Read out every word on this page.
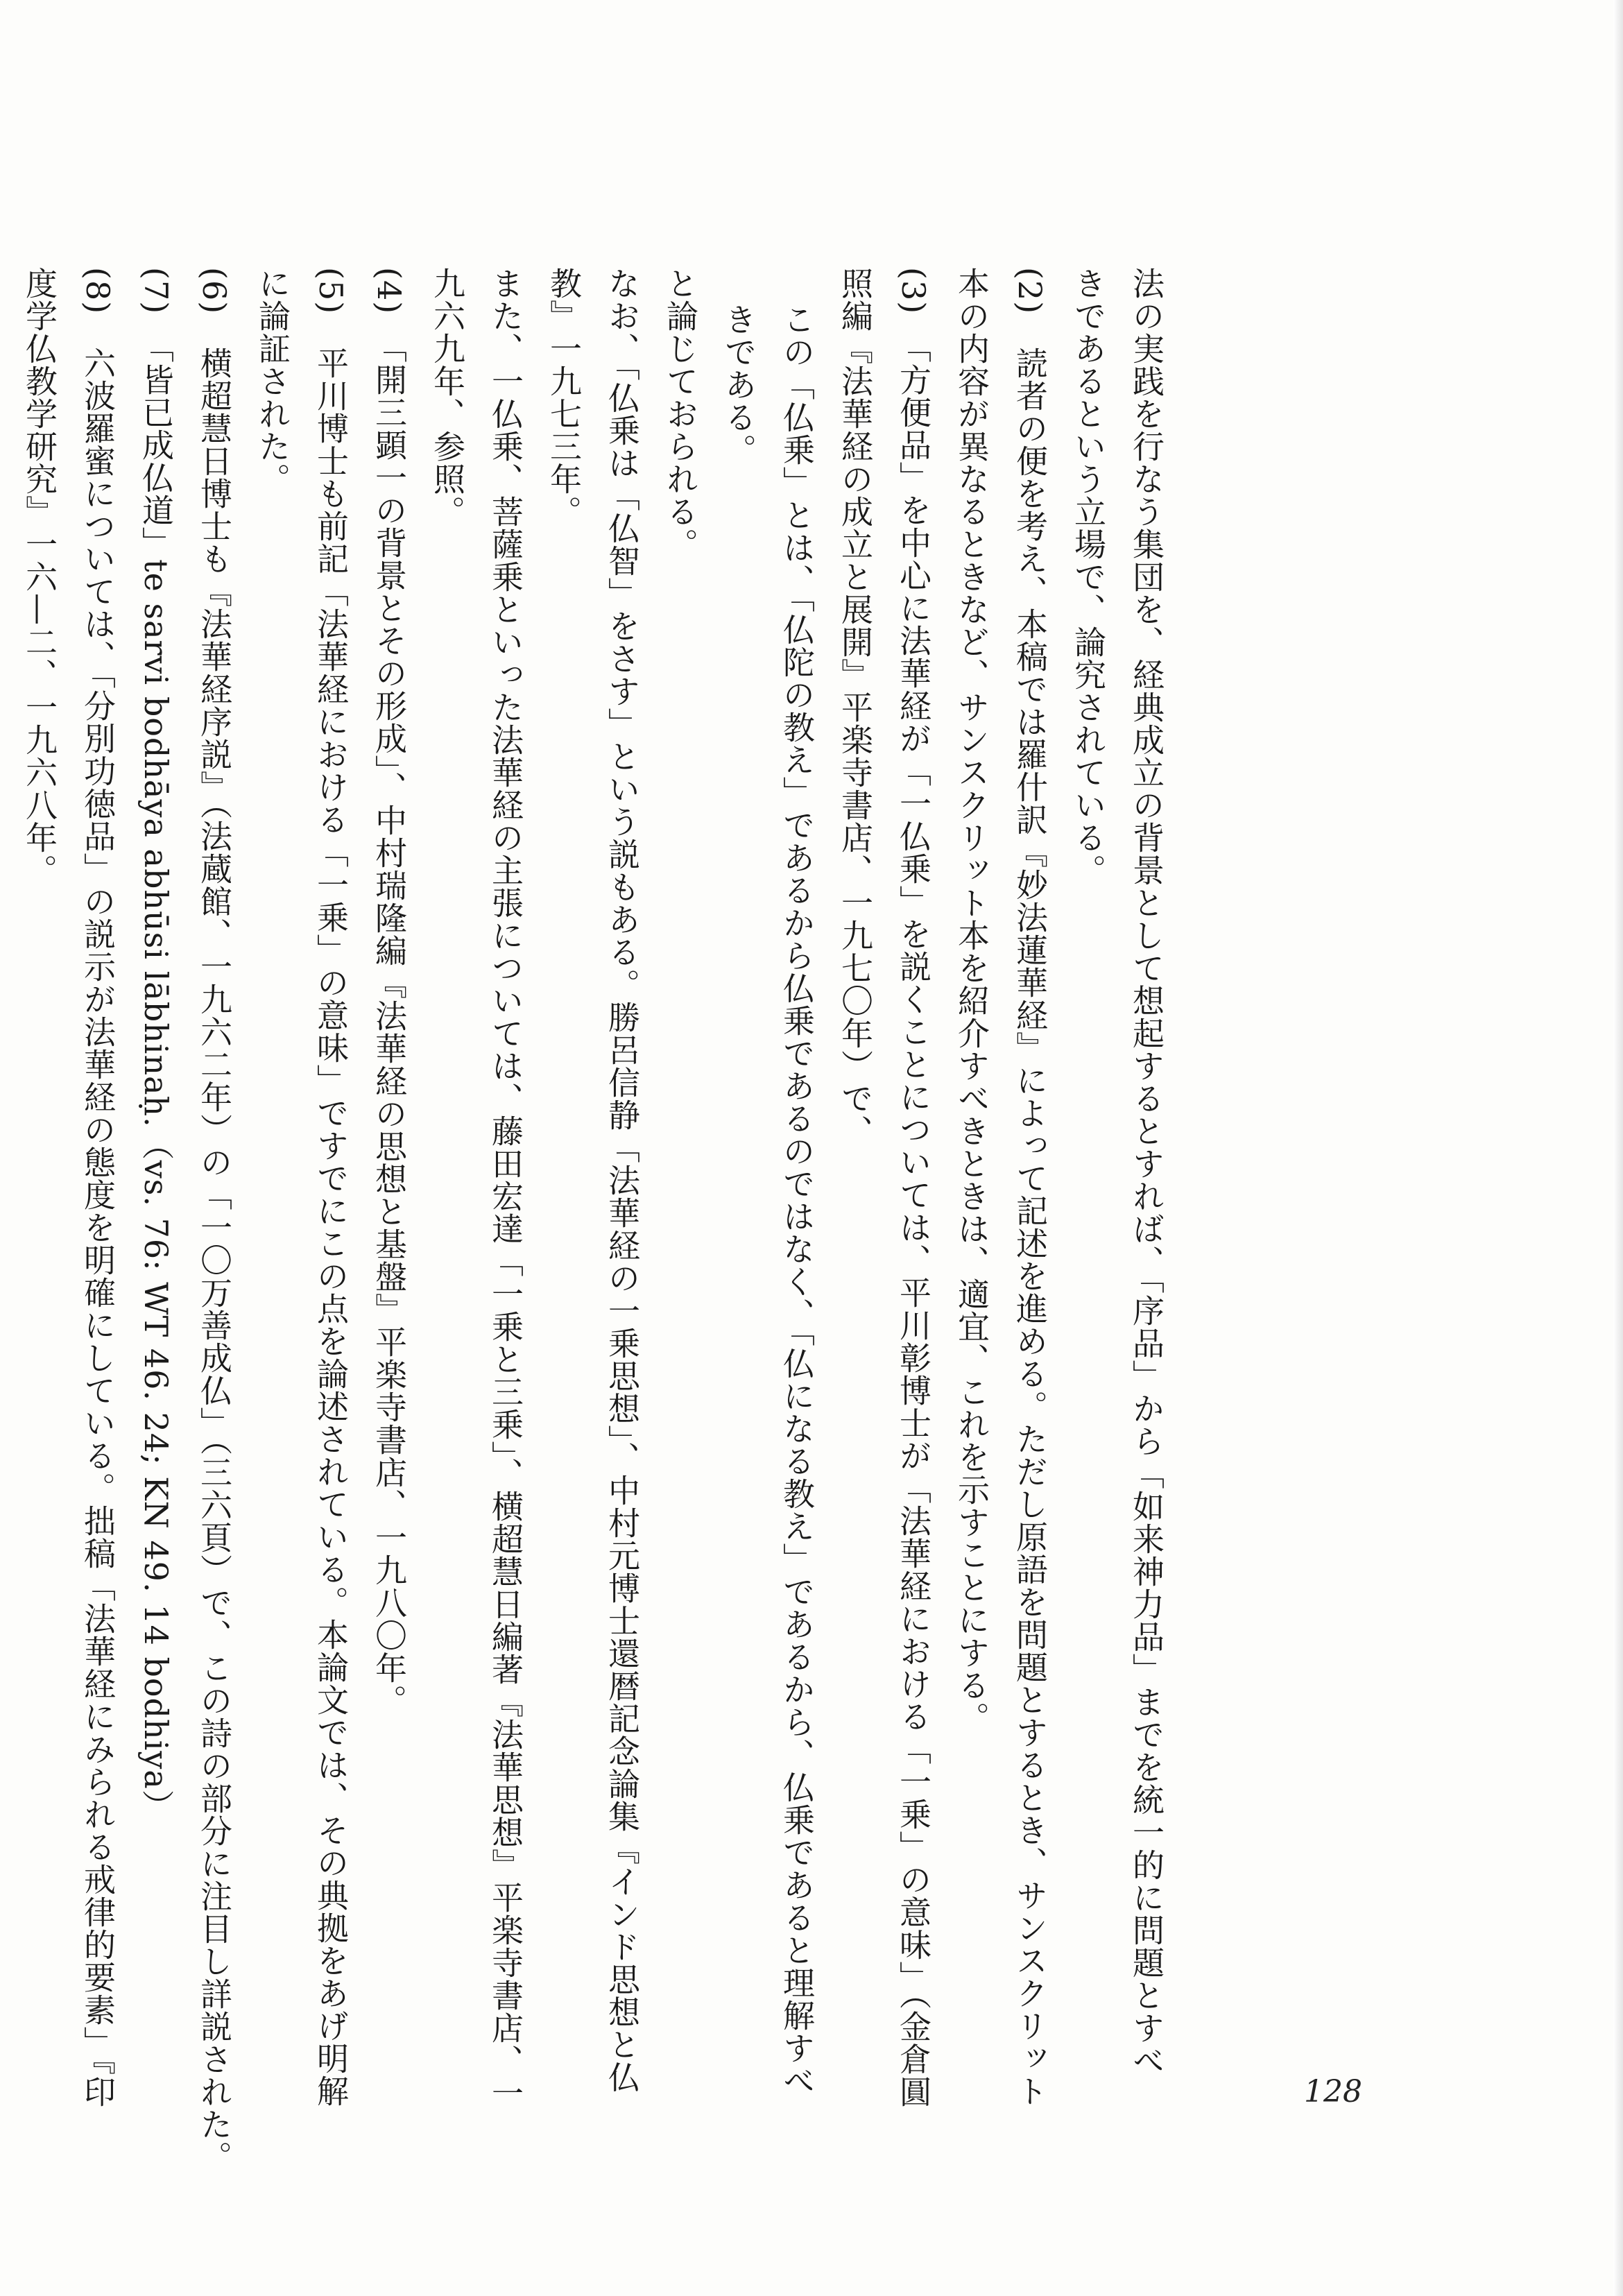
法の実践を行なう集団を、経典成立の背景として想起するとすれば、「序品」から「如来神力品」までを統一的に問題とすべ
きであるという立場で、論究されている。
(2)　読者の便を考え、本稿では羅什訳『妙法蓮華経』によって記述を進める。ただし原語を問題とするとき、サンスクリット
本の内容が異なるときなど、サンスクリット本を紹介すべきときは、適宜、これを示すことにする。
(3)　「方便品」を中心に法華経が「一仏乗」を説くことについては、平川彰博士が「法華経における「一乗」の意味」（金倉圓
照編『法華経の成立と展開』平楽寺書店、一九七〇年）で、
この「仏乗」とは、「仏陀の教え」であるから仏乗であるのではなく、「仏になる教え」であるから、仏乗であると理解すべ
きである。
と論じておられる。
なお、「仏乗は「仏智」をさす」という説もある。勝呂信静「法華経の一乗思想」、中村元博士還暦記念論集『インド思想と仏
教』一九七三年。
また、一仏乗、菩薩乗といった法華経の主張については、藤田宏達「一乗と三乗」、横超慧日編著『法華思想』平楽寺書店、一
九六九年、参照。
(4)　「開三顕一の背景とその形成」、中村瑞隆編『法華経の思想と基盤』平楽寺書店、一九八〇年。
(5)　平川博士も前記「法華経における「一乗」の意味」ですでにこの点を論述されている。本論文では、その典拠をあげ明解
に論証された。
(6)　横超慧日博士も『法華経序説』（法蔵館、一九六二年）の「一〇万善成仏」（三六頁）で、この詩の部分に注目し詳説された。
(7)　「皆已成仏道」te sarvi bodhāya abhūsi lābhinaḥ.（vs. 76: WT 46. 24; KN 49. 14 bodhiya）
(8)　六波羅蜜については、「分別功徳品」の説示が法華経の態度を明確にしている。拙稿「法華経にみられる戒律的要素」『印
度学仏教学研究』一六—二、一九六八年。

128
